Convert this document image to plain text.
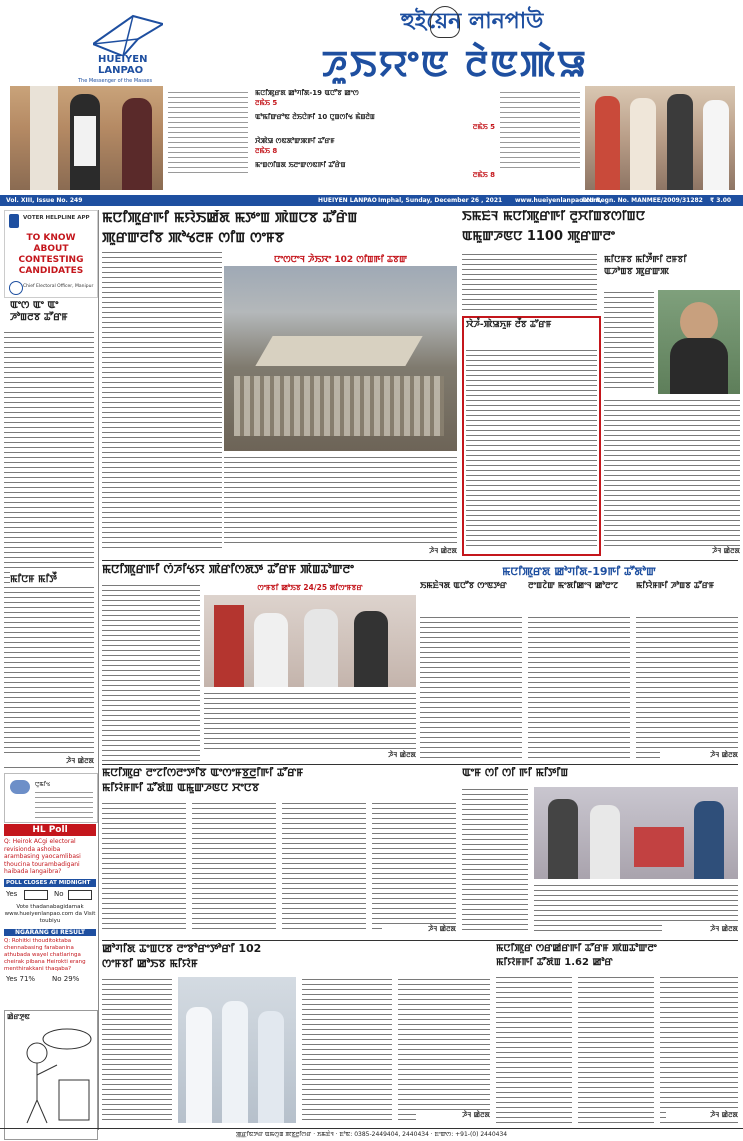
HUEIYEN
LANPAO
The Messenger of the Masses
হুইয়েন লানপাউ
ꯍꯨꯏꯌꯦꯟ ꯂꯥꯟꯄꯥꯎ
ꯃꯅꯤꯄꯨꯔꯗ ꯀꯣꯚꯤꯗ-19 ꯑꯅꯧꯕ ꯀꯦꯁ
ꯂꯃꯥꯏ 5
ꯑꯣꯃꯤꯛꯔꯣꯟ ꯂꯥꯏꯅꯥꯒꯤ 10 ꯅꯨꯡꯁꯤꯠ ꯃꯥꯡꯂꯥꯡ
ꯂꯃꯥꯏ 5
ꯋꯥꯄꯥꯎ ꯁꯟꯗꯣꯛꯄꯒꯤ ꯊꯧꯔꯝ
ꯂꯃꯥꯏ 8
ꯃꯦꯡꯁꯤꯡꯗ ꯏꯂꯦꯛꯁꯟꯒꯤ ꯊꯧꯔꯥꯡ
ꯂꯃꯥꯏ 8
Vol. XIII, Issue No. 249	HUEIYEN LANPAO Imphal, Sunday, December 26 , 2021 www.hueiyenlanpao.com,
RNI Regn. No. MANMEE/2009/31282 ₹ 3.00
VOTER HELPLINE APP
TO KNOW
ABOUT
CONTESTING
CANDIDATES
Chief Electoral Officer, Manipur
ꯑꯦꯁ ꯑꯦ ꯑꯦ
ꯍꯣꯡꯂꯕ ꯊꯧꯔꯝ
ꯃꯤꯅꯝ ꯃꯤꯇꯩ
ꯍꯥꯜ ꯀꯥꯂꯗ
ꯅꯨꯃꯤꯠ
HL Poll
Q: Heirok ACgi electoral revisionda ashoiba arambasing yaocamlibasi thoucina tourambadigani haibada langaibra?
POLL CLOSES AT MIDNIGHT
Yes	No
Vote thadanabagidamak www.hueiyenlanpao.com da Visit toubiyu
NGARANG GI RESULT
Q: Rohitki thouditoktaba chennabasing farabanina athubada wayel chatlaringa cheirak pibana Heirokti erang menthirakkani thaqaba?
Yes 71% No 29%
ꯀꯥꯔꯇꯨꯟ
ꯃꯅꯤꯄꯨꯔꯒꯤ ꯃꯌꯥꯏꯀꯩꯗ ꯃꯇꯦꯡ ꯄꯥꯡꯅꯕ ꯊꯧꯔꯥꯡ
ꯄꯨꯔꯛꯂꯤꯕ ꯄꯣꯠꯂꯝ ꯁꯤꯡ ꯁꯦꯝꯕ
ꯅꯦꯁꯅꯦꯜ ꯍꯥꯏꯋꯦ 102 ꯁꯤꯡꯒꯤ ꯊꯕꯛ
ꯍꯥꯜ ꯀꯥꯂꯗ
ꯏꯃꯐꯥꯜ ꯃꯅꯤꯄꯨꯔꯒꯤ ꯂꯨꯆꯤꯡꯕꯁꯤꯡꯅ
ꯑꯃꯨꯛꯍꯟꯅ 1100 ꯄꯨꯔꯛꯂꯦ
ꯋꯥꯍꯪ-ꯄꯥꯎꯈꯨꯝ ꯂꯩꯕ ꯊꯧꯔꯝ
ꯃꯤꯅꯝꯕ ꯃꯤꯇꯩꯒꯤ ꯂꯝꯕꯤ
ꯑꯍꯣꯡꯕ ꯄꯨꯔꯛꯄ
ꯍꯥꯜ ꯀꯥꯂꯗ
ꯃꯅꯤꯄꯨꯔꯒꯤ ꯁꯥꯍꯤꯠꯌ ꯄꯥꯔꯤꯁꯗꯇ ꯊꯧꯔꯝ ꯄꯥꯡꯊꯣꯛꯂꯦ
ꯁꯦꯝꯕꯤ ꯀꯣꯏꯕ 24/25 ꯗꯤꯁꯦꯝꯕꯔ
ꯍꯥꯜ ꯀꯥꯂꯗ
ꯃꯅꯤꯄꯨꯔꯗ ꯀꯣꯚꯤꯗ-19ꯒꯤ ꯊꯧꯗꯣꯛ
ꯏꯃꯐꯥꯜꯗ ꯑꯅꯧꯕ ꯁꯦꯟꯇꯔ	ꯂꯦꯡꯖꯥꯛ ꯃꯦꯗꯤꯀꯦꯜ ꯀꯣꯂꯦꯖ	ꯃꯤꯌꯥꯝꯒꯤ ꯍꯣꯡꯕ ꯊꯧꯔꯝ
ꯍꯥꯜ ꯀꯥꯂꯗ
ꯃꯅꯤꯄꯨꯔ ꯂꯦꯖꯤꯁꯂꯦꯇꯤꯕ ꯑꯦꯁꯦꯝꯕ꯭ꯂꯤꯒꯤ ꯊꯧꯔꯝ
ꯃꯤꯌꯥꯝꯒꯤ ꯊꯧꯗꯥꯡ ꯑꯃꯨꯛꯍꯟꯅ ꯆꯦꯅꯕ
ꯍꯥꯜ ꯀꯥꯂꯗ
ꯑꯦꯝ ꯁꯤ ꯁꯤ ꯒꯤ ꯃꯤꯇꯤꯡ
ꯍꯥꯜ ꯀꯥꯂꯗ
ꯀꯣꯚꯤꯗ ꯊꯦꯡꯅꯕ ꯂꯦꯕꯣꯔꯦꯇꯣꯔꯤ 102
ꯁꯦꯝꯕꯤ ꯀꯣꯏꯕ ꯃꯤꯌꯥꯝ
ꯍꯥꯜ ꯀꯥꯂꯗ
ꯃꯅꯤꯄꯨꯔ ꯁꯔꯀꯥꯔꯒꯤ ꯊꯧꯔꯝ ꯄꯥꯡꯊꯣꯛꯂꯦ
ꯃꯤꯌꯥꯝꯒꯤ ꯊꯧꯗꯥꯡ 1.62 ꯀꯣꯔ
ꯍꯥꯜ ꯀꯥꯂꯗ
ꯄ꯭ꯔꯤꯟꯇꯔ ꯑꯃꯁꯨꯡ ꯄꯕ꯭ꯂꯤꯁꯔ · ꯏꯃꯐꯥꯜ · ꯐꯣꯟ: 0385-2449404, 2440434 · ꯐꯦꯛꯁ: +91-(0) 2440434
